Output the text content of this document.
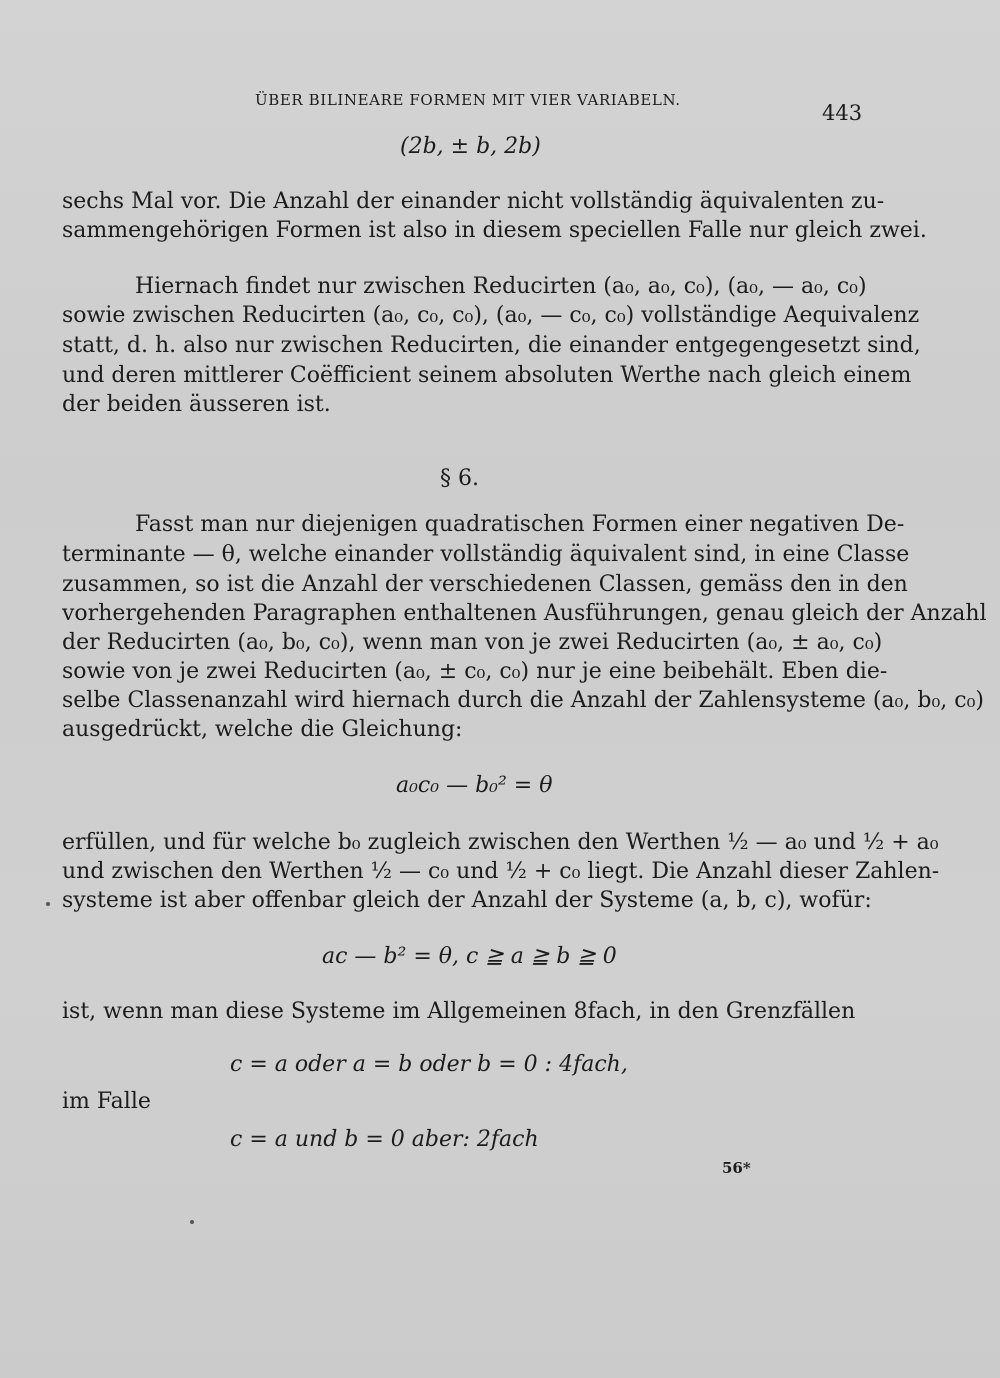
ÜBER BILINEARE FORMEN MIT VIER VARIABELN.
443
(2b, ± b, 2b)
sechs Mal vor. Die Anzahl der einander nicht vollständig äquivalenten zu-
sammengehörigen Formen ist also in diesem speciellen Falle nur gleich zwei.
Hiernach findet nur zwischen Reducirten (a₀, a₀, c₀), (a₀, — a₀, c₀)
sowie zwischen Reducirten (a₀, c₀, c₀), (a₀, — c₀, c₀) vollständige Aequivalenz
statt, d. h. also nur zwischen Reducirten, die einander entgegengesetzt sind,
und deren mittlerer Coëfficient seinem absoluten Werthe nach gleich einem
der beiden äusseren ist.
§ 6.
Fasst man nur diejenigen quadratischen Formen einer negativen De-
terminante — θ, welche einander vollständig äquivalent sind, in eine Classe
zusammen, so ist die Anzahl der verschiedenen Classen, gemäss den in den
vorhergehenden Paragraphen enthaltenen Ausführungen, genau gleich der Anzahl
der Reducirten (a₀, b₀, c₀), wenn man von je zwei Reducirten (a₀, ± a₀, c₀)
sowie von je zwei Reducirten (a₀, ± c₀, c₀) nur je eine beibehält. Eben die-
selbe Classenanzahl wird hiernach durch die Anzahl der Zahlensysteme (a₀, b₀, c₀)
ausgedrückt, welche die Gleichung:
a₀c₀ — b₀² = θ
erfüllen, und für welche b₀ zugleich zwischen den Werthen ½ — a₀ und ½ + a₀
und zwischen den Werthen ½ — c₀ und ½ + c₀ liegt. Die Anzahl dieser Zahlen-
systeme ist aber offenbar gleich der Anzahl der Systeme (a, b, c), wofür:
ac — b² = θ, c ≧ a ≧ b ≧ 0
ist, wenn man diese Systeme im Allgemeinen 8fach, in den Grenzfällen
c = a oder a = b oder b = 0 : 4fach,
im Falle
c = a und b = 0 aber: 2fach
56*
